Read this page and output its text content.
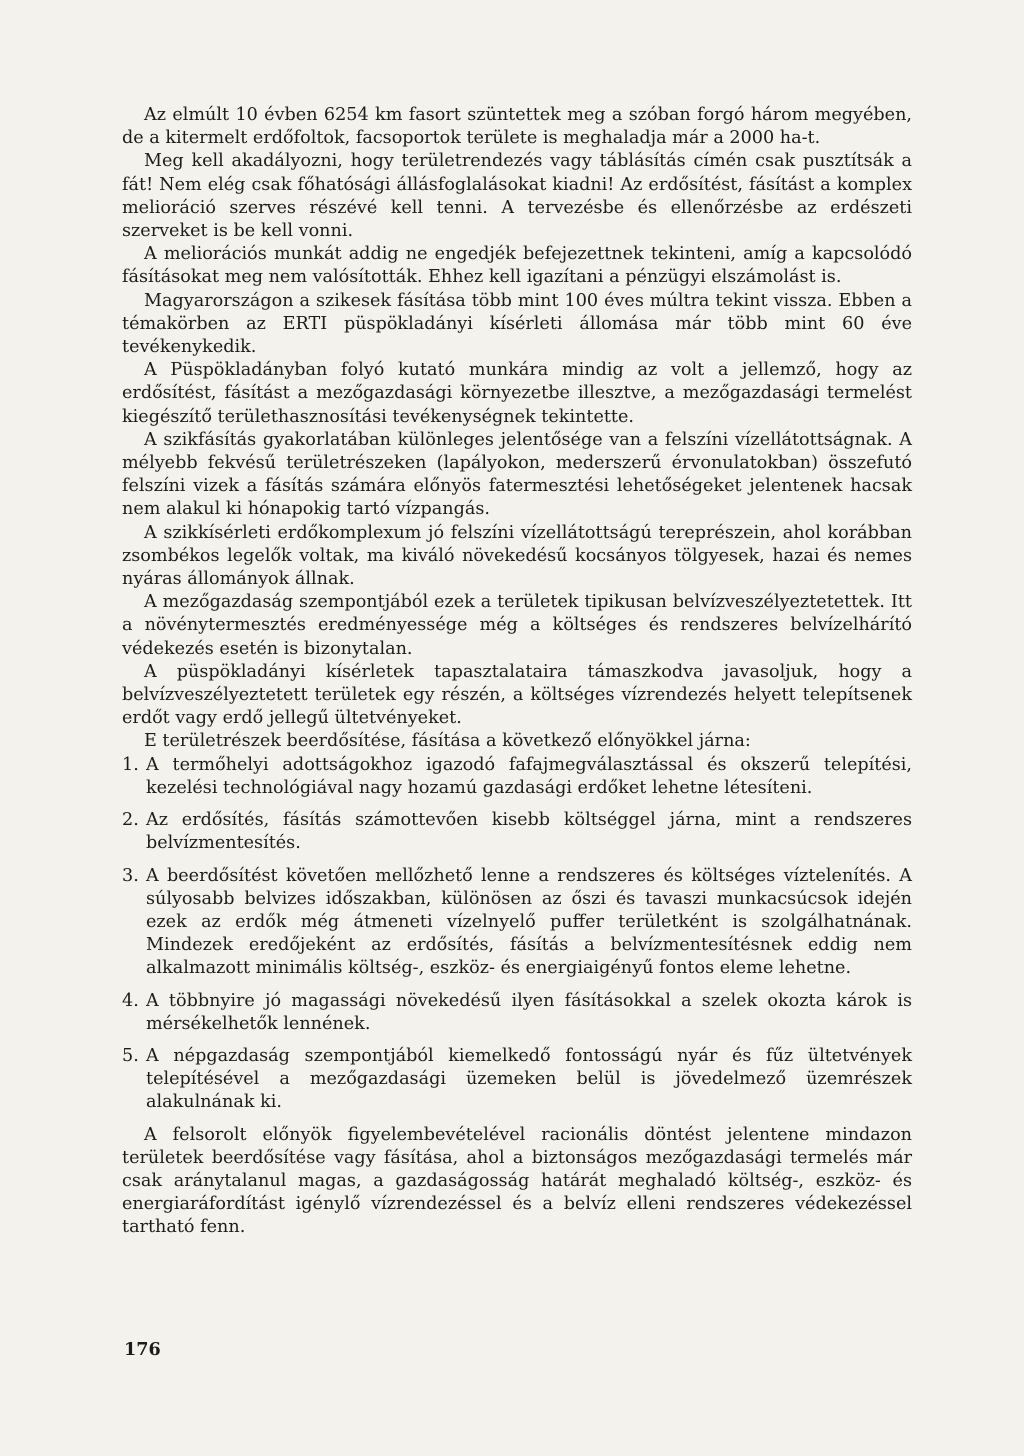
Az elmúlt 10 évben 6254 km fasort szüntettek meg a szóban forgó három megyében, de a kitermelt erdőfoltok, facsoportok területe is meghaladja már a 2000 ha-t.

Meg kell akadályozni, hogy területrendezés vagy táblásítás címén csak pusztítsák a fát! Nem elég csak főhatósági állásfoglalásokat kiadni! Az erdősítést, fásítást a komplex melioráció szerves részévé kell tenni. A tervezésbe és ellenőrzésbe az erdészeti szerveket is be kell vonni.

A meliorációs munkát addig ne engedjék befejezettnek tekinteni, amíg a kapcsolódó fásításokat meg nem valósították. Ehhez kell igazítani a pénzügyi elszámolást is.

Magyarországon a szikesek fásítása több mint 100 éves múltra tekint vissza. Ebben a témakörben az ERTI püspökladányi kísérleti állomása már több mint 60 éve tevékenykedik.

A Püspökladányban folyó kutató munkára mindig az volt a jellemző, hogy az erdősítést, fásítást a mezőgazdasági környezetbe illesztve, a mezőgazdasági termelést kiegészítő területhasznosítási tevékenységnek tekintette.

A szikfásítás gyakorlatában különleges jelentősége van a felszíni vízellátottságnak. A mélyebb fekvésű területrészeken (lapályokon, mederszerű érvonulatokban) összefutó felszíni vizek a fásítás számára előnyös fatermesztési lehetőségeket jelentenek hacsak nem alakul ki hónapokig tartó vízpangás.

A szikkísérleti erdőkomplexum jó felszíni vízellátottságú tereprészein, ahol korábban zsombékos legelők voltak, ma kiváló növekedésű kocsányos tölgyesek, hazai és nemes nyáras állományok állnak.

A mezőgazdaság szempontjából ezek a területek tipikusan belvízveszélyeztetettek. Itt a növénytermesztés eredményessége még a költséges és rendszeres belvízelhárító védekezés esetén is bizonytalan.

A püspökladányi kísérletek tapasztalataira támaszkodva javasoljuk, hogy a belvízveszélyeztetett területek egy részén, a költséges vízrendezés helyett telepítsenek erdőt vagy erdő jellegű ültetvényeket.

E területrészek beerdősítése, fásítása a következő előnyökkel járna:

1. A termőhelyi adottságokhoz igazodó fafajmegválasztással és okszerű telepítési, kezelési technológiával nagy hozamú gazdasági erdőket lehetne létesíteni.
2. Az erdősítés, fásítás számottevően kisebb költséggel járna, mint a rendszeres belvízmentesítés.
3. A beerdősítést követően mellőzhető lenne a rendszeres és költséges víztelenítés. A súlyosabb belvizes időszakban, különösen az őszi és tavaszi munkacsúcsok idején ezek az erdők még átmeneti vízelnyelő puffer területként is szolgálhatnának. Mindezek eredőjeként az erdősítés, fásítás a belvízmentesítésnek eddig nem alkalmazott minimális költség-, eszköz- és energiaigényű fontos eleme lehetne.
4. A többnyire jó magassági növekedésű ilyen fásításokkal a szelek okozta károk is mérsékelhetők lennének.
5. A népgazdaság szempontjából kiemelkedő fontosságú nyár és fűz ültetvények telepítésével a mezőgazdasági üzemeken belül is jövedelmező üzemrészek alakulnának ki.

A felsorolt előnyök figyelembevételével racionális döntést jelentene mindazon területek beerdősítése vagy fásítása, ahol a biztonságos mezőgazdasági termelés már csak aránytalanul magas, a gazdaságosság határát meghaladó költség-, eszköz- és energiaráfordítást igénylő vízrendezéssel és a belvíz elleni rendszeres védekezéssel tartható fenn.

176
